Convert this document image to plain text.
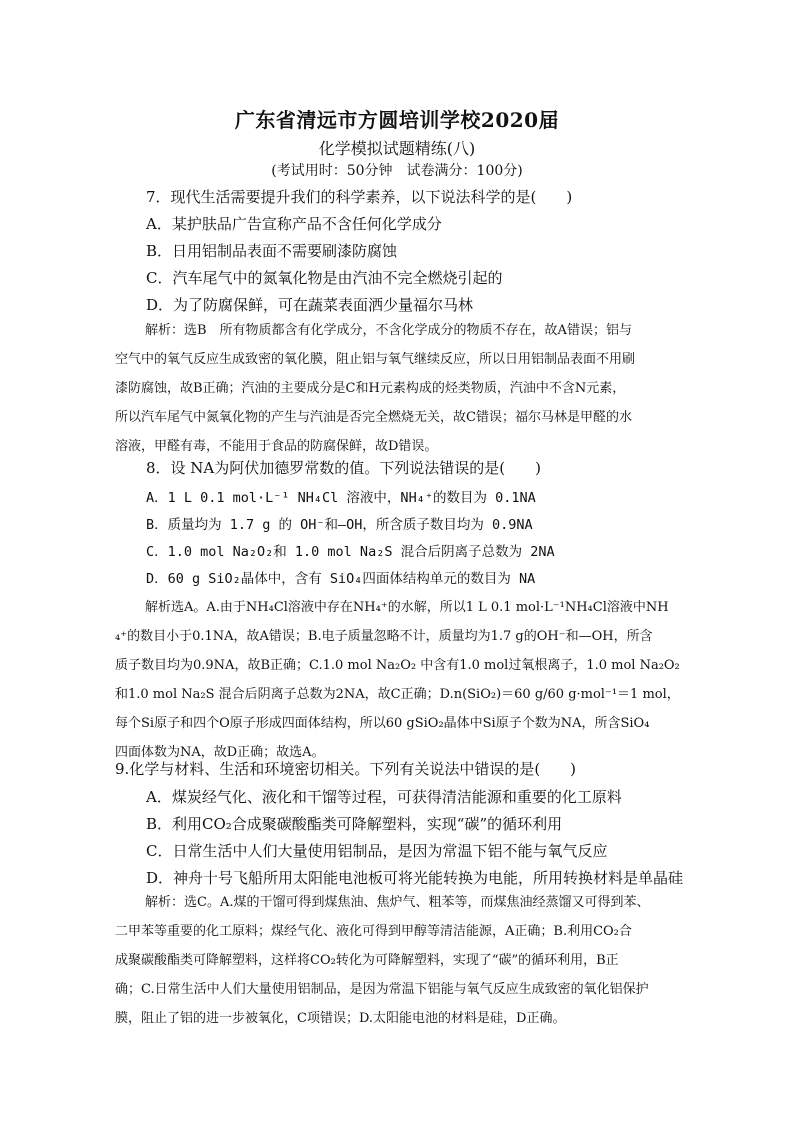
广东省清远市方圆培训学校2020届
化学模拟试题精练(八)
(考试用时：50分钟　试卷满分：100分)
7．现代生活需要提升我们的科学素养，以下说法科学的是(　　)
A．某护肤品广告宣称产品不含任何化学成分
B．日用铝制品表面不需要刷漆防腐蚀
C．汽车尾气中的氮氧化物是由汽油不完全燃烧引起的
D．为了防腐保鲜，可在蔬菜表面洒少量福尔马林
解析：选B　所有物质都含有化学成分，不含化学成分的物质不存在，故A错误；铝与
空气中的氧气反应生成致密的氧化膜，阻止铝与氧气继续反应，所以日用铝制品表面不用刷
漆防腐蚀，故B正确；汽油的主要成分是C和H元素构成的烃类物质，汽油中不含N元素，
所以汽车尾气中氮氧化物的产生与汽油是否完全燃烧无关，故C错误；福尔马林是甲醛的水
溶液，甲醛有毒，不能用于食品的防腐保鲜，故D错误。
8．设 NA为阿伏加德罗常数的值。下列说法错误的是(　　)
A．1 L 0.1 mol·L⁻¹ NH₄Cl 溶液中，NH₄⁺的数目为 0.1NA
B．质量均为 1.7 g 的 OH⁻和—OH，所含质子数目均为 0.9NA
C．1.0 mol Na₂O₂和 1.0 mol Na₂S 混合后阴离子总数为 2NA
D．60 g SiO₂晶体中，含有 SiO₄四面体结构单元的数目为 NA
解析选A。A.由于NH₄Cl溶液中存在NH₄⁺的水解，所以1 L 0.1 mol·L⁻¹NH₄Cl溶液中NH
₄⁺的数目小于0.1NA，故A错误；B.电子质量忽略不计，质量均为1.7 g的OH⁻和—OH，所含
质子数目均为0.9NA，故B正确；C.1.0 mol Na₂O₂ 中含有1.0 mol过氧根离子，1.0 mol Na₂O₂
和1.0 mol Na₂S 混合后阴离子总数为2NA，故C正确；D.n(SiO₂)＝60 g/60 g·mol⁻¹＝1 mol，
每个Si原子和四个O原子形成四面体结构，所以60 gSiO₂晶体中Si原子个数为NA，所含SiO₄
四面体数为NA，故D正确；故选A。
9.化学与材料、生活和环境密切相关。下列有关说法中错误的是(　　)
A．煤炭经气化、液化和干馏等过程，可获得清洁能源和重要的化工原料
B．利用CO₂合成聚碳酸酯类可降解塑料，实现“碳”的循环利用
C．日常生活中人们大量使用铝制品，是因为常温下铝不能与氧气反应
D．神舟十号飞船所用太阳能电池板可将光能转换为电能，所用转换材料是单晶硅
解析：选C。A.煤的干馏可得到煤焦油、焦炉气、粗苯等，而煤焦油经蒸馏又可得到苯、
二甲苯等重要的化工原料；煤经气化、液化可得到甲醇等清洁能源，A正确；B.利用CO₂合
成聚碳酸酯类可降解塑料，这样将CO₂转化为可降解塑料，实现了“碳”的循环利用，B正
确；C.日常生活中人们大量使用铝制品，是因为常温下铝能与氧气反应生成致密的氧化铝保护
膜，阻止了铝的进一步被氧化，C项错误；D.太阳能电池的材料是硅，D正确。
